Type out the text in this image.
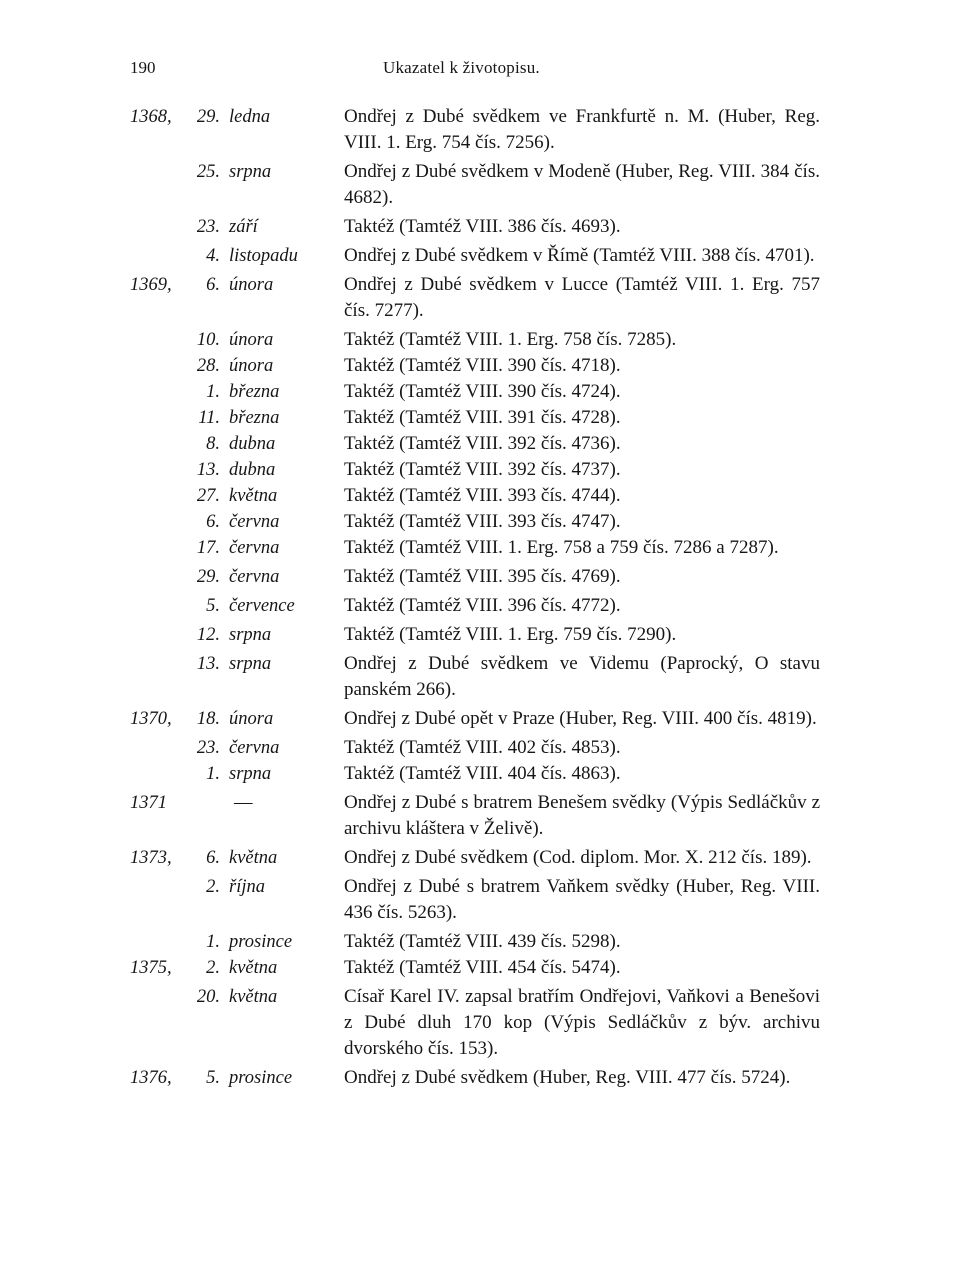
190	Ukazatel k životopisu.
1368,	29. ledna	Ondřej z Dubé svědkem ve Frankfurtě n. M. (Huber, Reg. VIII. 1. Erg. 754 čís. 7256).
25. srpna	Ondřej z Dubé svědkem v Modeně (Huber, Reg. VIII. 384 čís. 4682).
23. září	Taktéž (Tamtéž VIII. 386 čís. 4693).
4. listopadu	Ondřej z Dubé svědkem v Římě (Tamtéž VIII. 388 čís. 4701).
1369,	6. února	Ondřej z Dubé svědkem v Lucce (Tamtéž VIII. 1. Erg. 757 čís. 7277).
10. února	Taktéž (Tamtéž VIII. 1. Erg. 758 čís. 7285).
28. února	Taktéž (Tamtéž VIII. 390 čís. 4718).
1. března	Taktéž (Tamtéž VIII. 390 čís. 4724).
11. března	Taktéž (Tamtéž VIII. 391 čís. 4728).
8. dubna	Taktéž (Tamtéž VIII. 392 čís. 4736).
13. dubna	Taktéž (Tamtéž VIII. 392 čís. 4737).
27. května	Taktéž (Tamtéž VIII. 393 čís. 4744).
6. června	Taktéž (Tamtéž VIII. 393 čís. 4747).
17. června	Taktéž (Tamtéž VIII. 1. Erg. 758 a 759 čís. 7286 a 7287).
29. června	Taktéž (Tamtéž VIII. 395 čís. 4769).
5. července	Taktéž (Tamtéž VIII. 396 čís. 4772).
12. srpna	Taktéž (Tamtéž VIII. 1. Erg. 759 čís. 7290).
13. srpna	Ondřej z Dubé svědkem ve Videmu (Paprocký, O stavu panském 266).
1370,	18. února	Ondřej z Dubé opět v Praze (Huber, Reg. VIII. 400 čís. 4819).
23. června	Taktéž (Tamtéž VIII. 402 čís. 4853).
1. srpna	Taktéž (Tamtéž VIII. 404 čís. 4863).
1371	—	Ondřej z Dubé s bratrem Benešem svědky (Výpis Sedláčkův z archivu kláštera v Želivě).
1373,	6. května	Ondřej z Dubé svědkem (Cod. diplom. Mor. X. 212 čís. 189).
2. října	Ondřej z Dubé s bratrem Vaňkem svědky (Huber, Reg. VIII. 436 čís. 5263).
1. prosince	Taktéž (Tamtéž VIII. 439 čís. 5298).
1375,	2. května	Taktéž (Tamtéž VIII. 454 čís. 5474).
20. května	Císař Karel IV. zapsal bratřím Ondřejovi, Vaňkovi a Benešovi z Dubé dluh 170 kop (Výpis Sedláčkův z býv. archivu dvorského čís. 153).
1376,	5. prosince	Ondřej z Dubé svědkem (Huber, Reg. VIII. 477 čís. 5724).
